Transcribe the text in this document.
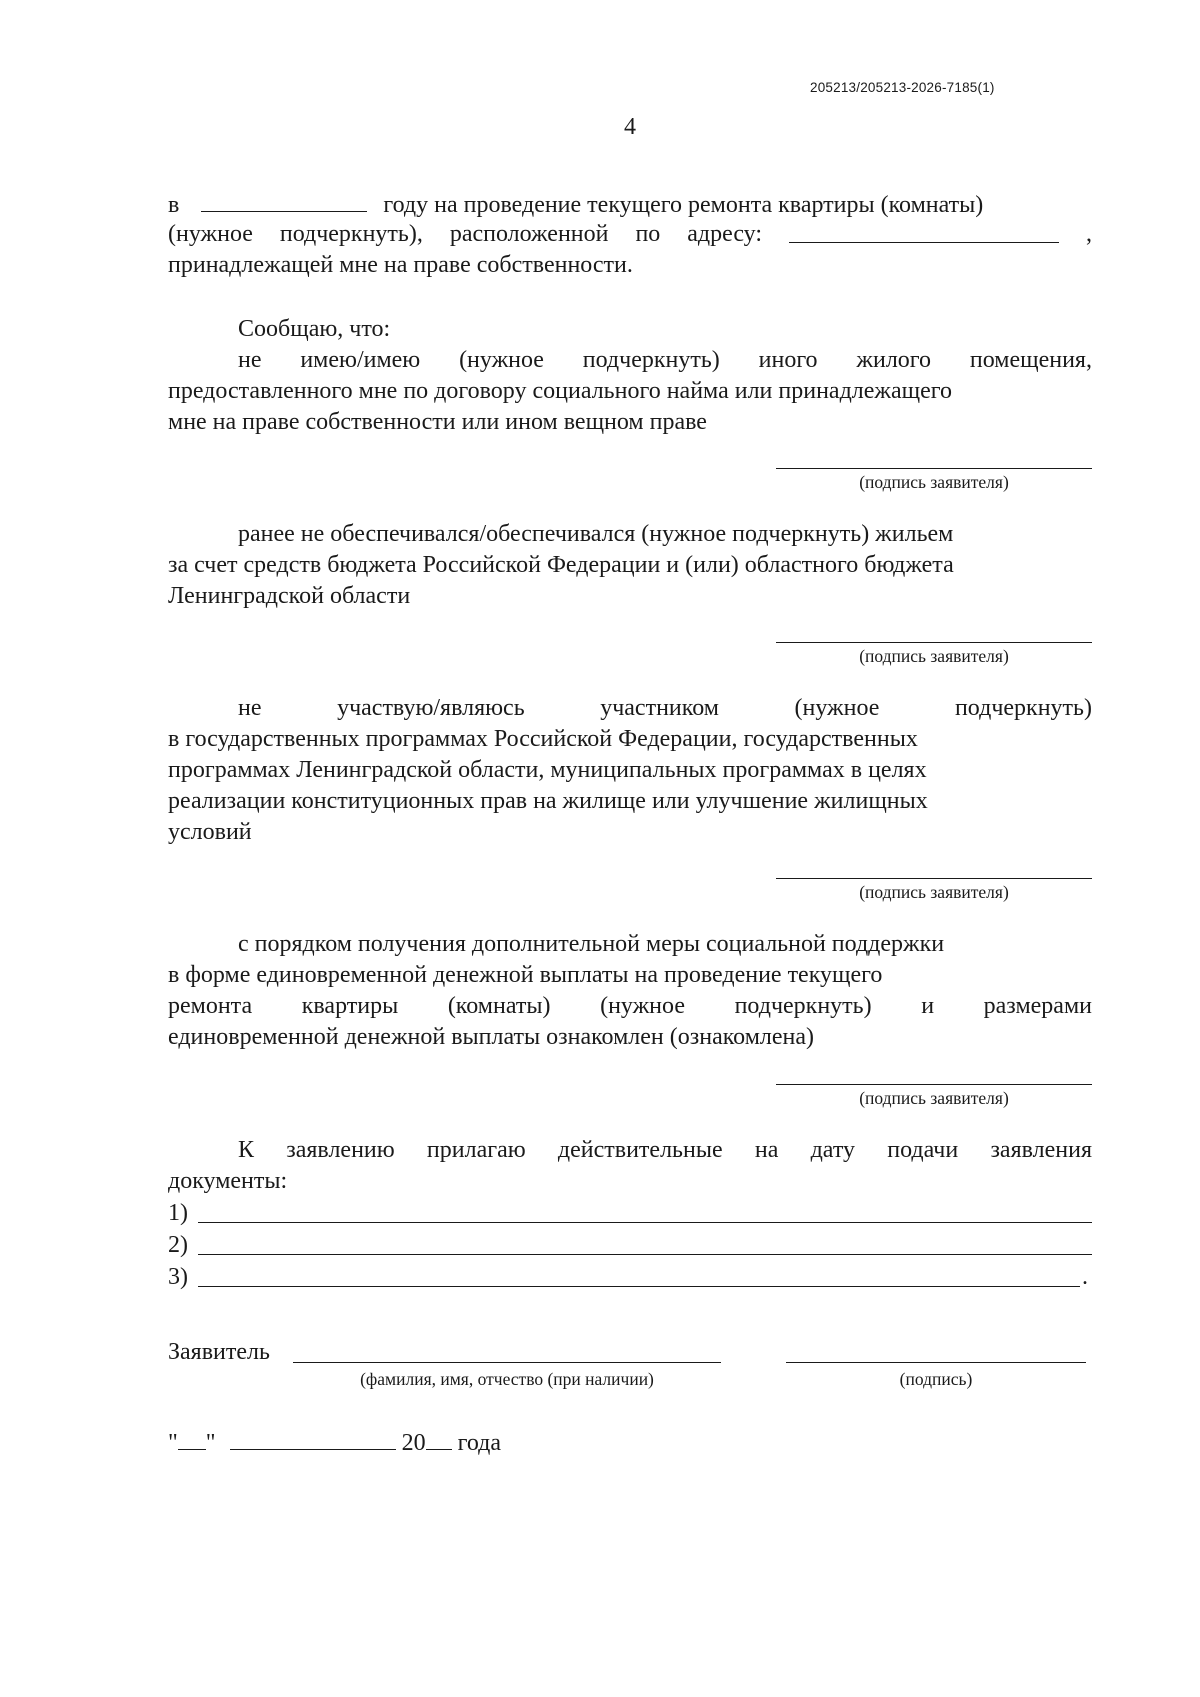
205213/205213-2026-7185(1)
4
в	году на проведение текущего ремонта квартиры (комнаты)
(нужное подчеркнуть), расположенной по адресу:	,
принадлежащей мне на праве собственности.
Сообщаю, что:
не имею/имею (нужное подчеркнуть) иного жилого помещения,
предоставленного мне по договору социального найма или принадлежащего
мне на праве собственности или ином вещном праве
(подпись заявителя)
ранее не обеспечивался/обеспечивался (нужное подчеркнуть) жильем
за счет средств бюджета Российской Федерации и (или) областного бюджета
Ленинградской области
(подпись заявителя)
не	участвую/являюсь	участником	(нужное	подчеркнуть)
в государственных программах Российской Федерации, государственных
программах Ленинградской области, муниципальных программах в целях
реализации конституционных прав на жилище или улучшение жилищных
условий
(подпись заявителя)
с порядком получения дополнительной меры социальной поддержки
в форме единовременной денежной выплаты на проведение текущего
ремонта квартиры (комнаты) (нужное подчеркнуть) и размерами
единовременной денежной выплаты ознакомлен (ознакомлена)
(подпись заявителя)
К заявлению прилагаю действительные на дату подачи заявления
документы:
1)
2)
3)	.
Заявитель
(фамилия, имя, отчество (при наличии)	(подпись)
" "	20 года
